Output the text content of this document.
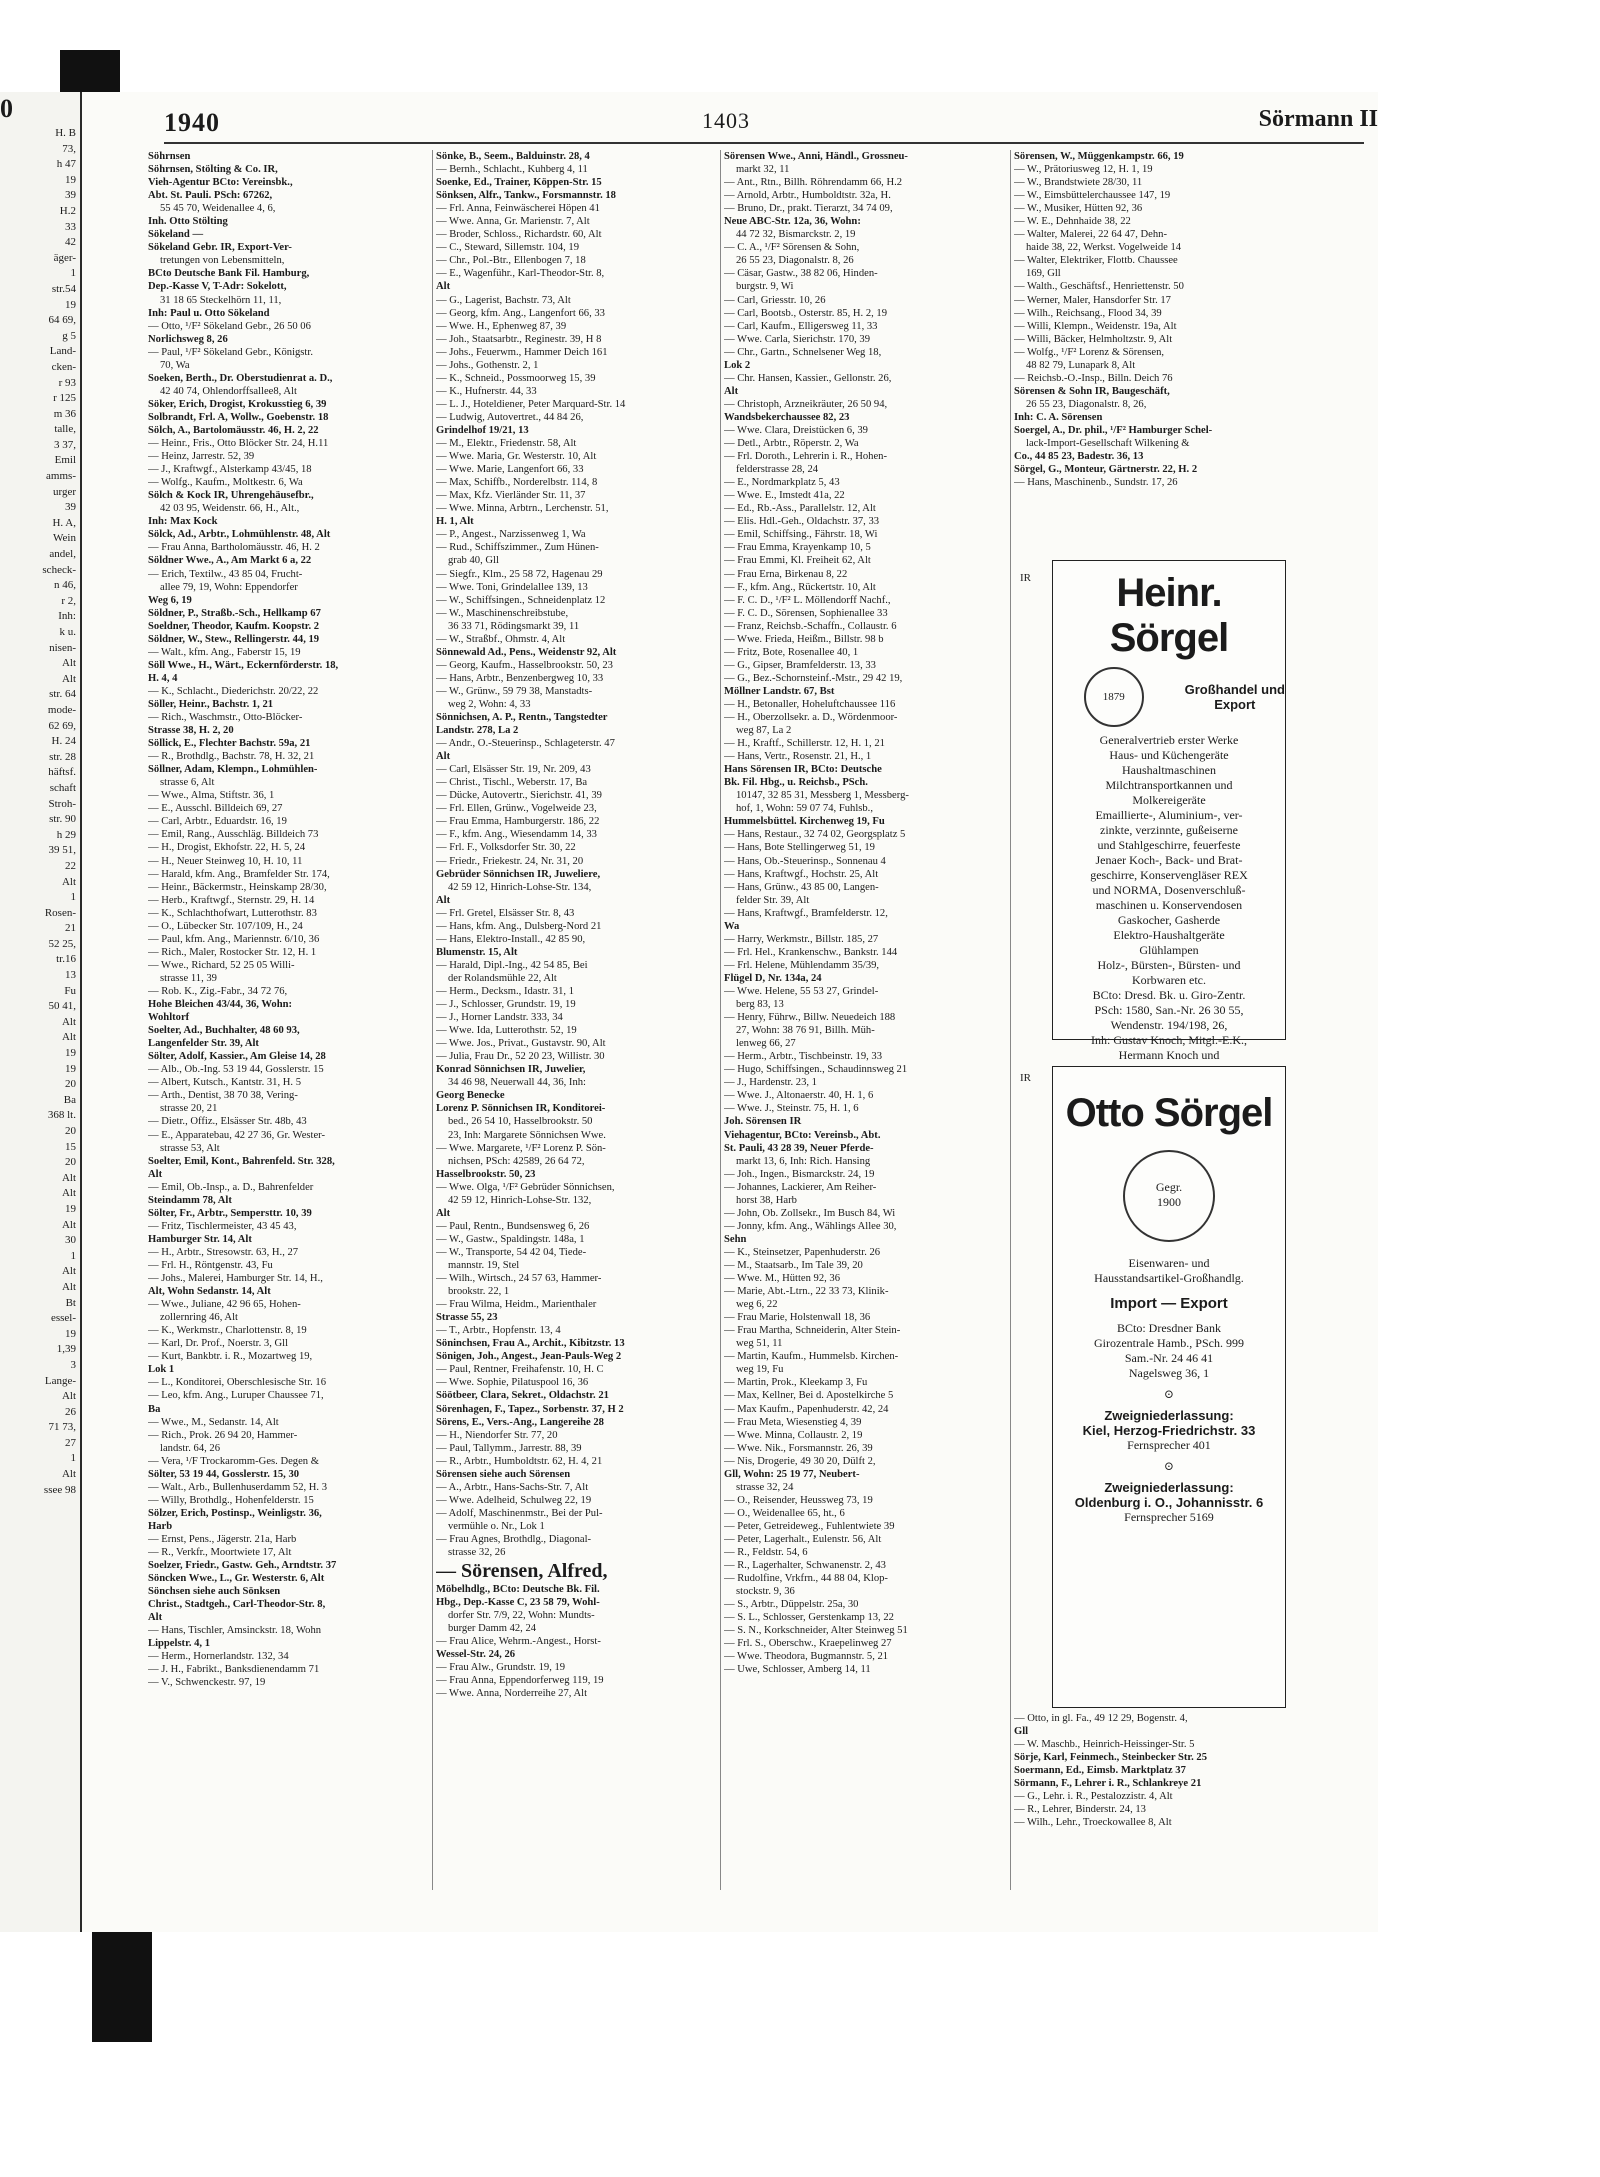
0
H. B
73,
h 47
19
39
H.2
33
42
äger-
1
str.54
19
64 69,
g 5
Land-
cken-
r 93
r 125
m 36
talle,
3 37,
Emil
amms-
urger
39
H. A,
Wein
andel,
scheck-
n 46,
r 2,
Inh:
k u.
nisen-
Alt
Alt
str. 64
mode-
62 69,
H. 24
str. 28
häftsf.
schaft
Stroh-
str. 90
h 29
39 51,
22
Alt
1
Rosen-
21
52 25,
tr.16
13
Fu
50 41,
Alt
Alt
19
19
20
Ba
368 lt.
20
15
20
Alt
Alt
19
Alt
30
1
Alt
Alt
Bt
essel-
19
1,39
3
Lange-
Alt
26
71 73,
27
1
Alt
ssee 98
1940	1403	Sörmann II

Söhrnsen

Söhrnsen, Stölting & Co. IR,

Vieh-Agentur BCto: Vereinsbk.,

Abt. St. Pauli. PSch: 67262,

55 45 70, Weidenallee 4, 6,

Inh. Otto Stölting

Sökeland —

Sökeland Gebr. IR, Export-Ver-

tretungen von Lebensmitteln,

BCto Deutsche Bank Fil. Hamburg,

Dep.-Kasse V, T-Adr: Sokelott,

31 18 65 Steckelhörn 11, 11,

Inh: Paul u. Otto Sökeland

— Otto, ¹/F² Sökeland Gebr., 26 50 06

Norlichsweg 8, 26

— Paul, ¹/F² Sökeland Gebr., Königstr.

70, Wa

Soeken, Berth., Dr. Oberstudienrat a. D.,

42 40 74, Ohlendorffsallee8, Alt

Söker, Erich, Drogist, Krokusstieg 6, 39

Solbrandt, Frl. A, Wollw., Goebenstr. 18

Sölch, A., Bartolomäusstr. 46, H. 2, 22

— Heinr., Fris., Otto Blöcker Str. 24, H.11

— Heinz, Jarrestr. 52, 39

— J., Kraftwgf., Alsterkamp 43/45, 18

— Wolfg., Kaufm., Moltkestr. 6, Wa

Sölch & Kock IR, Uhrengehäusefbr.,

42 03 95, Weidenstr. 66, H., Alt.,

Inh: Max Kock

Sölck, Ad., Arbtr., Lohmühlenstr. 48, Alt

— Frau Anna, Bartholomäusstr. 46, H. 2

Söldner Wwe., A., Am Markt 6 a, 22

— Erich, Textilw., 43 85 04, Frucht-

allee 79, 19, Wohn: Eppendorfer

Weg 6, 19

Söldner, P., Straßb.-Sch., Hellkamp 67

Soeldner, Theodor, Kaufm. Koopstr. 2

Söldner, W., Stew., Rellingerstr. 44, 19

— Walt., kfm. Ang., Faberstr 15, 19

Söll Wwe., H., Wärt., Eckernförderstr. 18,

H. 4, 4

— K., Schlacht., Diederichstr. 20/22, 22

Söller, Heinr., Bachstr. 1, 21

— Rich., Waschmstr., Otto-Blöcker-

Strasse 38, H. 2, 20

Söllick, E., Flechter Bachstr. 59a, 21

— R., Brothdlg., Bachstr. 78, H. 32, 21

Söllner, Adam, Klempn., Lohmühlen-

strasse 6, Alt

— Wwe., Alma, Stiftstr. 36, 1

— E., Ausschl. Billdeich 69, 27

— Carl, Arbtr., Eduardstr. 16, 19

— Emil, Rang., Ausschläg. Billdeich 73

— H., Drogist, Ekhofstr. 22, H. 5, 24

— H., Neuer Steinweg 10, H. 10, 11

— Harald, kfm. Ang., Bramfelder Str. 174,

— Heinr., Bäckermstr., Heinskamp 28/30,

— Herb., Kraftwgf., Sternstr. 29, H. 14

— K., Schlachthofwart, Lutterothstr. 83

— O., Lübecker Str. 107/109, H., 24

— Paul, kfm. Ang., Mariennstr. 6/10, 36

— Rich., Maler, Rostocker Str. 12, H. 1

— Wwe., Richard, 52 25 05 Willi-

strasse 11, 39

— Rob. K., Zig.-Fabr., 34 72 76,

Hohe Bleichen 43/44, 36, Wohn:

Wohltorf

Soelter, Ad., Buchhalter, 48 60 93,

Langenfelder Str. 39, Alt

Sölter, Adolf, Kassier., Am Gleise 14, 28

— Alb., Ob.-Ing. 53 19 44, Gosslerstr. 15

— Albert, Kutsch., Kantstr. 31, H. 5

— Arth., Dentist, 38 70 38, Vering-

strasse 20, 21

— Dietr., Offiz., Elsässer Str. 48b, 43

— E., Apparatebau, 42 27 36, Gr. Wester-

strasse 53, Alt

Soelter, Emil, Kont., Bahrenfeld. Str. 328,

Alt

— Emil, Ob.-Insp., a. D., Bahrenfelder

Steindamm 78, Alt

Sölter, Fr., Arbtr., Sempersttr. 10, 39

— Fritz, Tischlermeister, 43 45 43,

Hamburger Str. 14, Alt

— H., Arbtr., Stresowstr. 63, H., 27

— Frl. H., Röntgenstr. 43, Fu

— Johs., Malerei, Hamburger Str. 14, H.,

Alt, Wohn Sedanstr. 14, Alt

— Wwe., Juliane, 42 96 65, Hohen-

zollernring 46, Alt

— K., Werkmstr., Charlottenstr. 8, 19

— Karl, Dr. Prof., Noerstr. 3, Gll

— Kurt, Bankbtr. i. R., Mozartweg 19,

Lok 1

— L., Konditorei, Oberschlesische Str. 16

— Leo, kfm. Ang., Luruper Chaussee 71,

Ba

— Wwe., M., Sedanstr. 14, Alt

— Rich., Prok. 26 94 20, Hammer-

landstr. 64, 26

— Vera, ¹/F Trockaromm-Ges. Degen &

Sölter, 53 19 44, Gosslerstr. 15, 30

— Walt., Arb., Bullenhuserdamm 52, H. 3

— Willy, Brothdlg., Hohenfelderstr. 15

Sölzer, Erich, Postinsp., Weinligstr. 36,

Harb

— Ernst, Pens., Jägerstr. 21a, Harb

— R., Verkfr., Moortwiete 17, Alt

Soelzer, Friedr., Gastw. Geh., Arndtstr. 37

Söncken Wwe., L., Gr. Westerstr. 6, Alt

Sönchsen siehe auch Sönksen

Christ., Stadtgeh., Carl-Theodor-Str. 8,

Alt

— Hans, Tischler, Amsinckstr. 18, Wohn

Lippelstr. 4, 1

— Herm., Hornerlandstr. 132, 34

— J. H., Fabrikt., Banksdienendamm 71

— V., Schwenckestr. 97, 19

Sönke, B., Seem., Balduinstr. 28, 4

— Bernh., Schlacht., Kuhberg 4, 11

Soenke, Ed., Trainer, Köppen-Str. 15

Sönksen, Alfr., Tankw., Forsmannstr. 18

— Frl. Anna, Feinwäscherei Höpen 41

— Wwe. Anna, Gr. Marienstr. 7, Alt

— Broder, Schloss., Richardstr. 60, Alt

— C., Steward, Sillemstr. 104, 19

— Chr., Pol.-Btr., Ellenbogen 7, 18

— E., Wagenführ., Karl-Theodor-Str. 8,

Alt

— G., Lagerist, Bachstr. 73, Alt

— Georg, kfm. Ang., Langenfort 66, 33

— Wwe. H., Ephenweg 87, 39

— Joh., Staatsarbtr., Reginestr. 39, H 8

— Johs., Feuerwm., Hammer Deich 161

— Johs., Gothenstr. 2, 1

— K., Schneid., Possmoorweg 15, 39

— K., Hufnerstr. 44, 33

— L. J., Hoteldiener, Peter Marquard-Str. 14

— Ludwig, Autovertret., 44 84 26,

Grindelhof 19/21, 13

— M., Elektr., Friedenstr. 58, Alt

— Wwe. Maria, Gr. Westerstr. 10, Alt

— Wwe. Marie, Langenfort 66, 33

— Max, Schiffb., Norderelbstr. 114, 8

— Max, Kfz. Vierländer Str. 11, 37

— Wwe. Minna, Arbtrn., Lerchenstr. 51,

H. 1, Alt

— P., Angest., Narzissenweg 1, Wa

— Rud., Schiffszimmer., Zum Hünen-

grab 40, Gll

— Siegfr., Klm., 25 58 72, Hagenau 29

— Wwe. Toni, Grindelallee 139, 13

— W., Schiffsingen., Schneidenplatz 12

— W., Maschinenschreibstube,

36 33 71, Rödingsmarkt 39, 11

— W., Straßbf., Ohmstr. 4, Alt

Sönnewald Ad., Pens., Weidenstr 92, Alt

— Georg, Kaufm., Hasselbrookstr. 50, 23

— Hans, Arbtr., Benzenbergweg 10, 33

— W., Grünw., 59 79 38, Manstadts-

weg 2, Wohn: 4, 33

Sönnichsen, A. P., Rentn., Tangstedter

Landstr. 278, La 2

— Andr., O.-Steuerinsp., Schlageterstr. 47

Alt

— Carl, Elsässer Str. 19, Nr. 209, 43

— Christ., Tischl., Weberstr. 17, Ba

— Dücke, Autovertr., Sierichstr. 41, 39

— Frl. Ellen, Grünw., Vogelweide 23,

— Frau Emma, Hamburgerstr. 186, 22

— F., kfm. Ang., Wiesendamm 14, 33

— Frl. F., Volksdorfer Str. 30, 22

— Friedr., Friekestr. 24, Nr. 31, 20

Gebrüder Sönnichsen IR, Juweliere,

42 59 12, Hinrich-Lohse-Str. 134,

Alt

— Frl. Gretel, Elsässer Str. 8, 43

— Hans, kfm. Ang., Dulsberg-Nord 21

— Hans, Elektro-Install., 42 85 90,

Blumenstr. 15, Alt

— Harald, Dipl.-Ing., 42 54 85, Bei

der Rolandsmühle 22, Alt

— Herm., Decksm., Idastr. 31, 1

— J., Schlosser, Grundstr. 19, 19

— J., Horner Landstr. 333, 34

— Wwe. Ida, Lutterothstr. 52, 19

— Wwe. Jos., Privat., Gustavstr. 90, Alt

— Julia, Frau Dr., 52 20 23, Willistr. 30

Konrad Sönnichsen IR, Juwelier,

34 46 98, Neuerwall 44, 36, Inh:

Georg Benecke

Lorenz P. Sönnichsen IR, Konditorei-

bed., 26 54 10, Hasselbrookstr. 50

23, Inh: Margarete Sönnichsen Wwe.

— Wwe. Margarete, ¹/F² Lorenz P. Sön-

nichsen, PSch: 42589, 26 64 72,

Hasselbrookstr. 50, 23

— Wwe. Olga, ¹/F² Gebrüder Sönnichsen,

42 59 12, Hinrich-Lohse-Str. 132,

Alt

— Paul, Rentn., Bundsensweg 6, 26

— W., Gastw., Spaldingstr. 148a, 1

— W., Transporte, 54 42 04, Tiede-

mannstr. 19, Stel

— Wilh., Wirtsch., 24 57 63, Hammer-

brookstr. 22, 1

— Frau Wilma, Heidm., Marienthaler

Strasse 55, 23

— T., Arbtr., Hopfenstr. 13, 4

Söninchsen, Frau A., Archit., Kibitzstr. 13

Sönigen, Joh., Angest., Jean-Pauls-Weg 2

— Paul, Rentner, Freihafenstr. 10, H. C

— Wwe. Sophie, Pilatuspool 16, 36

Söötbeer, Clara, Sekret., Oldachstr. 21

Sörenhagen, F., Tapez., Sorbenstr. 37, H 2

Sörens, E., Vers.-Ang., Langereihe 28

— H., Niendorfer Str. 77, 20

— Paul, Tallymm., Jarrestr. 88, 39

— R., Arbtr., Humboldtstr. 62, H. 4, 21

Sörensen siehe auch Sörensen

— A., Arbtr., Hans-Sachs-Str. 7, Alt

— Wwe. Adelheid, Schulweg 22, 19

— Adolf, Maschinenmstr., Bei der Pul-

vermühle o. Nr., Lok 1

— Frau Agnes, Brothdlg., Diagonal-

strasse 32, 26

— Sörensen, Alfred,

Möbelhdlg., BCto: Deutsche Bk. Fil.

Hbg., Dep.-Kasse C, 23 58 79, Wohl-

dorfer Str. 7/9, 22, Wohn: Mundts-

burger Damm 42, 24

— Frau Alice, Wehrm.-Angest., Horst-

Wessel-Str. 24, 26

— Frau Alw., Grundstr. 19, 19

— Frau Anna, Eppendorferweg 119, 19

— Wwe. Anna, Norderreihe 27, Alt

Sörensen Wwe., Anni, Händl., Grossneu-

markt 32, 11

— Ant., Rtn., Billh. Röhrendamm 66, H.2

— Arnold, Arbtr., Humboldtstr. 32a, H.

— Bruno, Dr., prakt. Tierarzt, 34 74 09,

Neue ABC-Str. 12a, 36, Wohn:

44 72 32, Bismarckstr. 2, 19

— C. A., ¹/F² Sörensen & Sohn,

26 55 23, Diagonalstr. 8, 26

— Cäsar, Gastw., 38 82 06, Hinden-

burgstr. 9, Wi

— Carl, Griesstr. 10, 26

— Carl, Bootsb., Osterstr. 85, H. 2, 19

— Carl, Kaufm., Elligersweg 11, 33

— Wwe. Carla, Sierichstr. 170, 39

— Chr., Gartn., Schnelsener Weg 18,

Lok 2

— Chr. Hansen, Kassier., Gellonstr. 26,

Alt

— Christoph, Arzneikräuter, 26 50 94,

Wandsbekerchaussee 82, 23

— Wwe. Clara, Dreistücken 6, 39

— Detl., Arbtr., Röperstr. 2, Wa

— Frl. Doroth., Lehrerin i. R., Hohen-

felderstrasse 28, 24

— E., Nordmarkplatz 5, 43

— Wwe. E., Imstedt 41a, 22

— Ed., Rb.-Ass., Parallelstr. 12, Alt

— Elis. Hdl.-Geh., Oldachstr. 37, 33

— Emil, Schiffsing., Fährstr. 18, Wi

— Frau Emma, Krayenkamp 10, 5

— Frau Emmi, Kl. Freiheit 62, Alt

— Frau Erna, Birkenau 8, 22

— F., kfm. Ang., Rückertstr. 10, Alt

— F. C. D., ¹/F² L. Möllendorff Nachf.,

— F. C. D., Sörensen, Sophienallee 33

— Franz, Reichsb.-Schaffn., Collaustr. 6

— Wwe. Frieda, Heißm., Billstr. 98 b

— Fritz, Bote, Rosenallee 40, 1

— G., Gipser, Bramfelderstr. 13, 33

— G., Bez.-Schornsteinf.-Mstr., 29 42 19,

Möllner Landstr. 67, Bst

— H., Betonaller, Hoheluftchaussee 116

— H., Oberzollsekr. a. D., Wördenmoor-

weg 87, La 2

— H., Kraftf., Schillerstr. 12, H. 1, 21

— Hans, Vertr., Rosenstr. 21, H., 1

Hans Sörensen IR, BCto: Deutsche

Bk. Fil. Hbg., u. Reichsb., PSch.

10147, 32 85 31, Messberg 1, Messberg-

hof, 1, Wohn: 59 07 74, Fuhlsb.,

Hummelsbüttel. Kirchenweg 19, Fu

— Hans, Restaur., 32 74 02, Georgsplatz 5

— Hans, Bote Stellingerweg 51, 19

— Hans, Ob.-Steuerinsp., Sonnenau 4

— Hans, Kraftwgf., Hochstr. 25, Alt

— Hans, Grünw., 43 85 00, Langen-

felder Str. 39, Alt

— Hans, Kraftwgf., Bramfelderstr. 12,

Wa

— Harry, Werkmstr., Billstr. 185, 27

— Frl. Hel., Krankenschw., Bankstr. 144

— Frl. Helene, Mühlendamm 35/39,

Flügel D, Nr. 134a, 24

— Wwe. Helene, 55 53 27, Grindel-

berg 83, 13

— Henry, Führw., Billw. Neuedeich 188

27, Wohn: 38 76 91, Billh. Müh-

lenweg 66, 27

— Herm., Arbtr., Tischbeinstr. 19, 33

— Hugo, Schiffsingen., Schaudinnsweg 21

— J., Hardenstr. 23, 1

— Wwe. J., Altonaerstr. 40, H. 1, 6

— Wwe. J., Steinstr. 75, H. 1, 6

Joh. Sörensen IR

Viehagentur, BCto: Vereinsb., Abt.

St. Pauli, 43 28 39, Neuer Pferde-

markt 13, 6, Inh: Rich. Hansing

— Joh., Ingen., Bismarckstr. 24, 19

— Johannes, Lackierer, Am Reiher-

horst 38, Harb

— John, Ob. Zollsekr., Im Busch 84, Wi

— Jonny, kfm. Ang., Wählings Allee 30,

Sehn

— K., Steinsetzer, Papenhuderstr. 26

— M., Staatsarb., Im Tale 39, 20

— Wwe. M., Hütten 92, 36

— Marie, Abt.-Ltrn., 22 33 73, Klinik-

weg 6, 22

— Frau Marie, Holstenwall 18, 36

— Frau Martha, Schneiderin, Alter Stein-

weg 51, 11

— Martin, Kaufm., Hummelsb. Kirchen-

weg 19, Fu

— Martin, Prok., Kleekamp 3, Fu

— Max, Kellner, Bei d. Apostelkirche 5

— Max Kaufm., Papenhuderstr. 42, 24

— Frau Meta, Wiesenstieg 4, 39

— Wwe. Minna, Collaustr. 2, 19

— Wwe. Nik., Forsmannstr. 26, 39

— Nis, Drogerie, 49 30 20, Dülft 2,

Gll, Wohn: 25 19 77, Neubert-

strasse 32, 24

— O., Reisender, Heussweg 73, 19

— O., Weidenallee 65, ht., 6

— Peter, Getreideweg., Fuhlentwiete 39

— Peter, Lagerhalt., Eulenstr. 56, Alt

— R., Feldstr. 54, 6

— R., Lagerhalter, Schwanenstr. 2, 43

— Rudolfine, Vrkfrn., 44 88 04, Klop-

stockstr. 9, 36

— S., Arbtr., Düppelstr. 25a, 30

— S. L., Schlosser, Gerstenkamp 13, 22

— S. N., Korkschneider, Alter Steinweg 51

— Frl. S., Oberschw., Kraepelinweg 27

— Wwe. Theodora, Bugmannstr. 5, 21

— Uwe, Schlosser, Amberg 14, 11

Sörensen, W., Müggenkampstr. 66, 19

— W., Prätoriusweg 12, H. 1, 19

— W., Brandstwiete 28/30, 11

— W., Eimsbüttelerchaussee 147, 19

— W., Musiker, Hütten 92, 36

— W. E., Dehnhaide 38, 22

— Walter, Malerei, 22 64 47, Dehn-

haide 38, 22, Werkst. Vogelweide 14

— Walter, Elektriker, Flottb. Chaussee

169, Gll

— Walth., Geschäftsf., Henriettenstr. 50

— Werner, Maler, Hansdorfer Str. 17

— Wilh., Reichsang., Flood 34, 39

— Willi, Klempn., Weidenstr. 19a, Alt

— Willi, Bäcker, Helmholtzstr. 9, Alt

— Wolfg., ¹/F² Lorenz & Sörensen,

48 82 79, Lunapark 8, Alt

— Reichsb.-O.-Insp., Billn. Deich 76

Sörensen & Sohn IR, Baugeschäft,

26 55 23, Diagonalstr. 8, 26,

Inh: C. A. Sörensen

Soergel, A., Dr. phil., ¹/F² Hamburger Schel-

lack-Import-Gesellschaft Wilkening &

Co., 44 85 23, Badestr. 36, 13

Sörgel, G., Monteur, Gärtnerstr. 22, H. 2

— Hans, Maschinenb., Sundstr. 17, 26

IR	Heinr. Sörgel
1879	Großhandel und
Export
Generalvertrieb erster Werke
Haus- und Küchengeräte
Haushaltmaschinen
Milchtransportkannen und
Molkereigeräte
Emaillierte-, Aluminium-, ver-
zinkte, verzinnte, gußeiserne
und Stahlgeschirre, feuerfeste
Jenaer Koch-, Back- und Brat-
geschirre, Konservengläser REX
und NORMA, Dosenverschluß-
maschinen u. Konservendosen
Gaskocher, Gasherde
Elektro-Haushaltgeräte
Glühlampen
Holz-, Bürsten-, Bürsten- und
Korbwaren etc.
BCto: Dresd. Bk. u. Giro-Zentr.
PSch: 1580, San.-Nr. 26 30 55,
Wendenstr. 194/198, 26,
Inh: Gustav Knoch, Mitgl.-E.K.,
Hermann Knoch und
IR
Otto Sörgel
Gegr.
1900
Eisenwaren- und
Hausstandsartikel-Großhandlg.
Import — Export
BCto: Dresdner Bank
Girozentrale Hamb., PSch. 999
Sam.-Nr. 24 46 41
Nagelsweg 36, 1
⊙
Zweigniederlassung:
Kiel, Herzog-Friedrichstr. 33
Fernsprecher 401
⊙
Zweigniederlassung:
Oldenburg i. O., Johannisstr. 6
Fernsprecher 5169

— Otto, in gl. Fa., 49 12 29, Bogenstr. 4,

Gll

— W. Maschb., Heinrich-Heissinger-Str. 5

Sörje, Karl, Feinmech., Steinbecker Str. 25

Soermann, Ed., Eimsb. Marktplatz 37

Sörmann, F., Lehrer i. R., Schlankreye 21

— G., Lehr. i. R., Pestalozzistr. 4, Alt

— R., Lehrer, Binderstr. 24, 13

— Wilh., Lehr., Troeckowallee 8, Alt
